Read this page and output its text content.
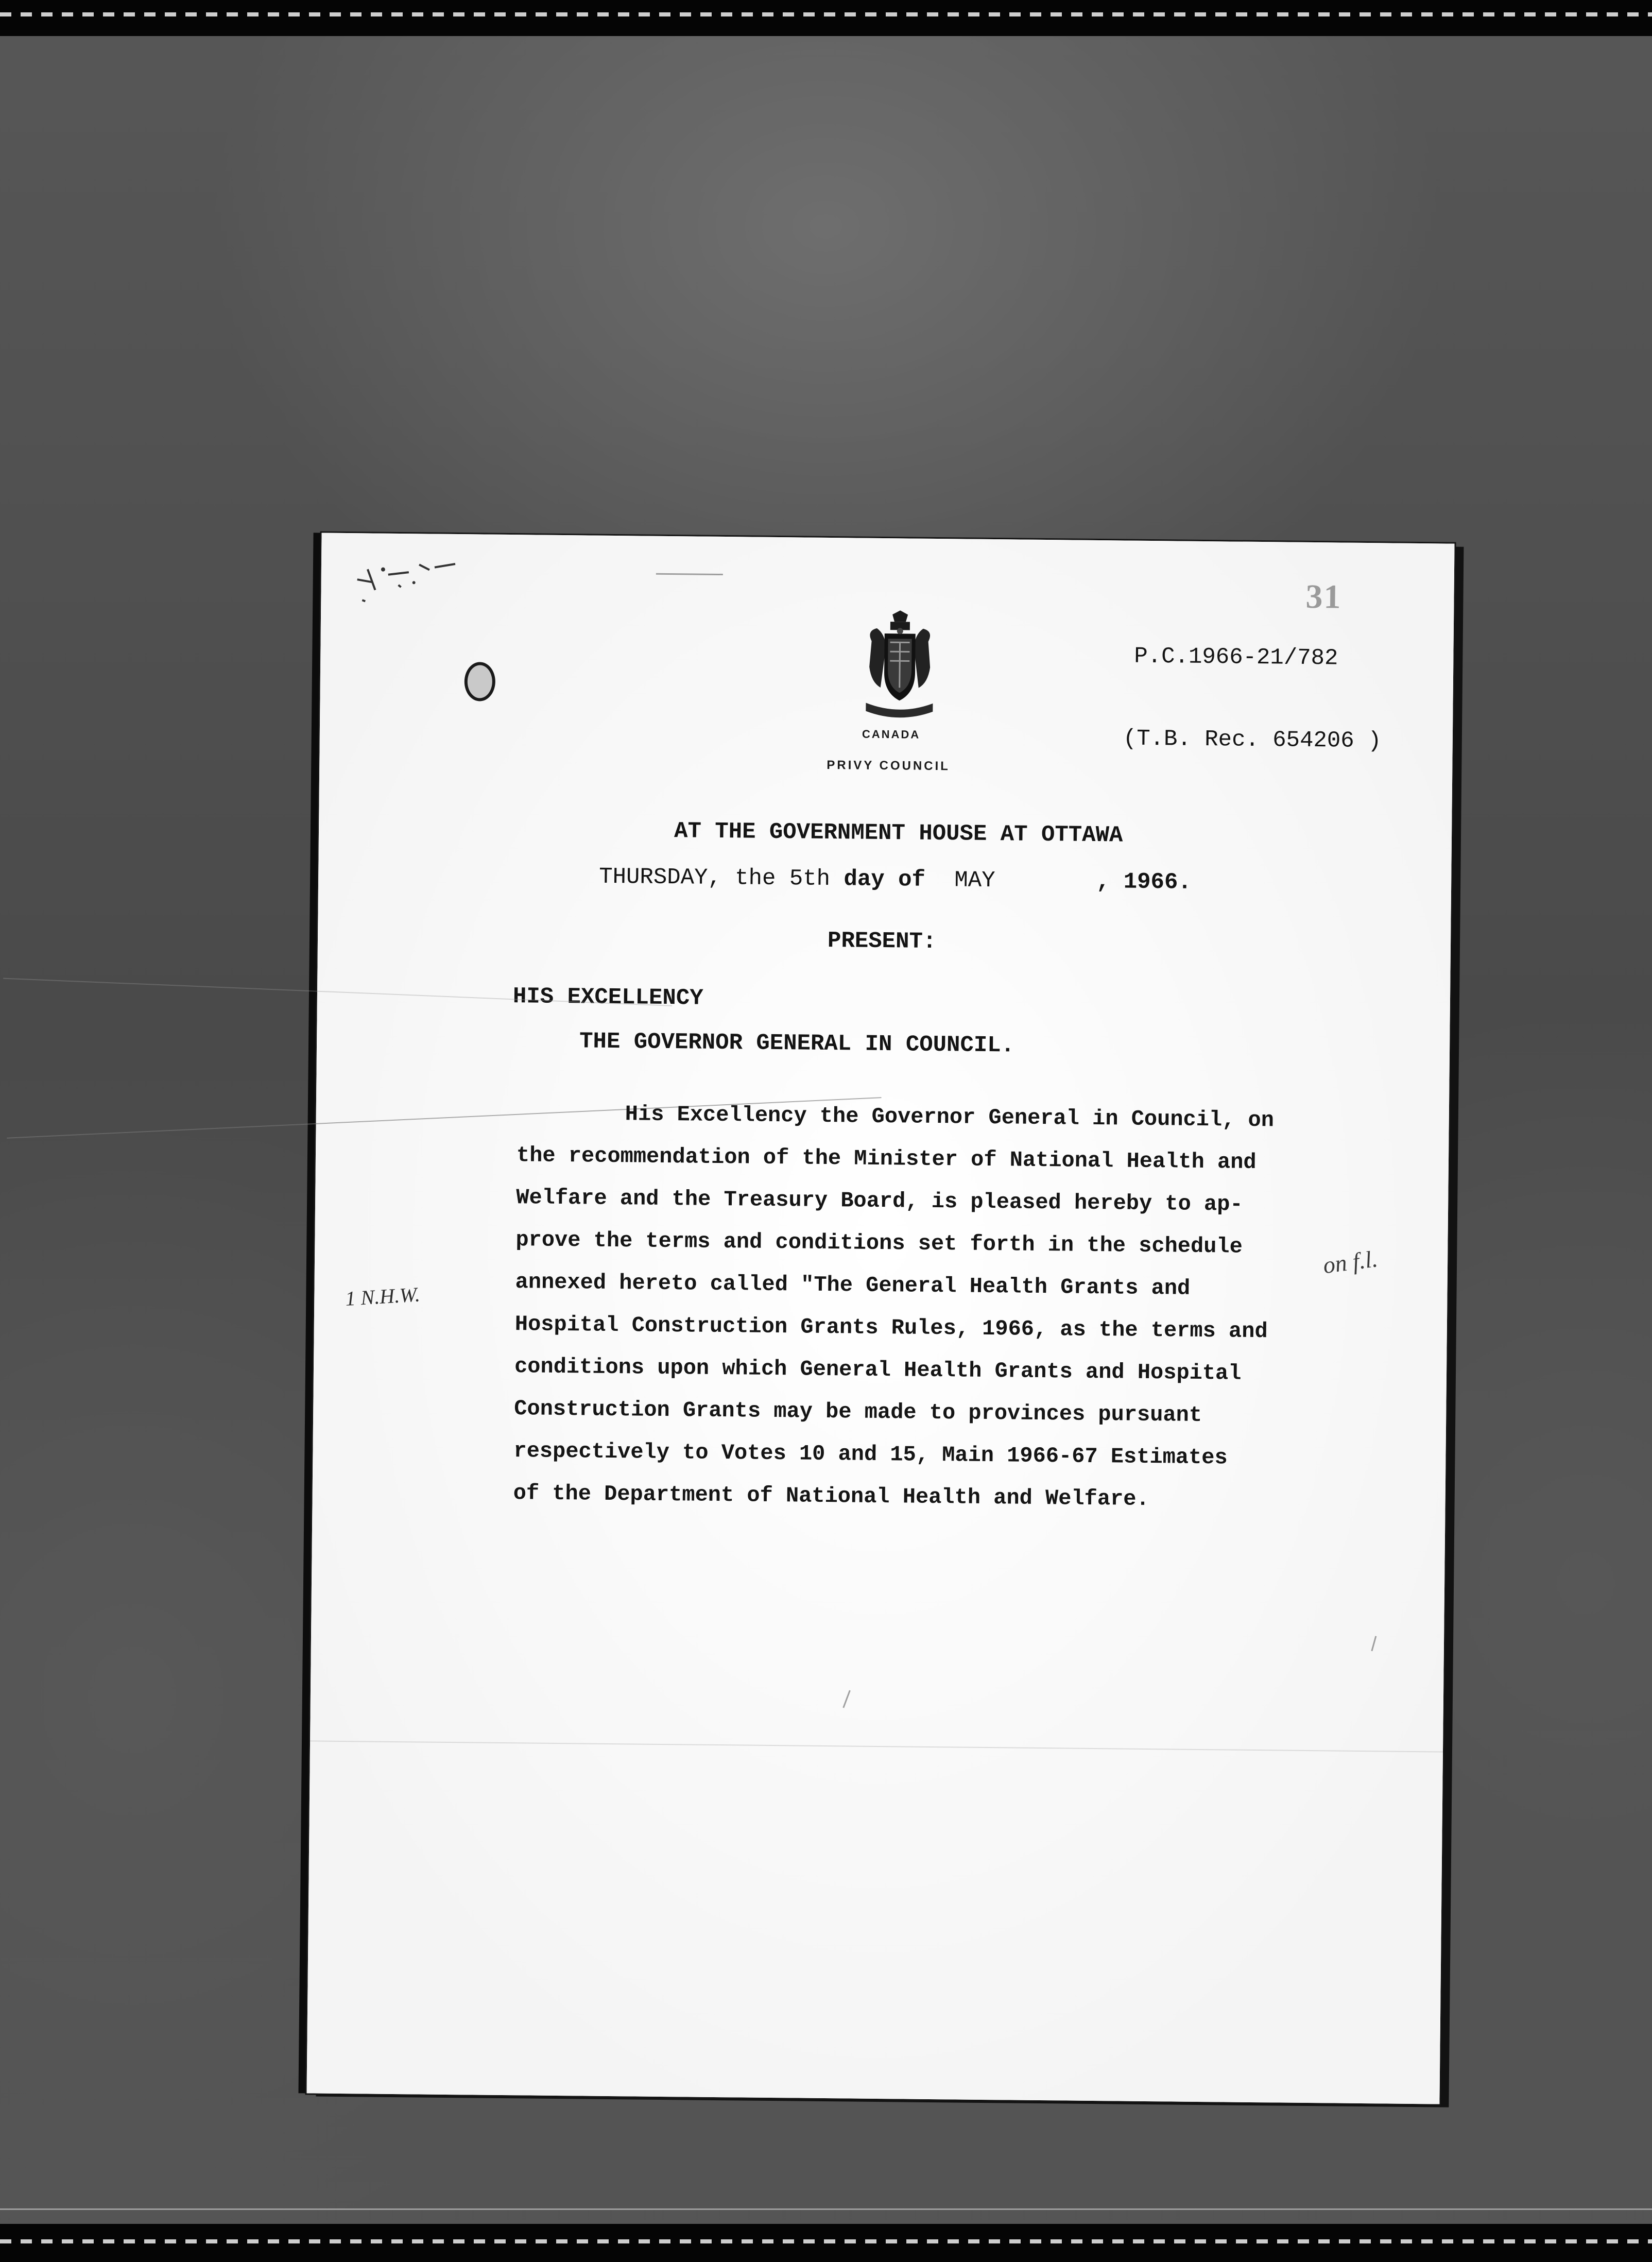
31
CANADA
PRIVY COUNCIL
P.C.1966-21/782
(T.B. Rec. 654206 )
AT THE GOVERNMENT HOUSE AT OTTAWA
THURSDAY, the 5th day of MAY	, 1966.
PRESENT:
HIS EXCELLENCY
THE GOVERNOR GENERAL IN COUNCIL.
His Excellency the Governor General in Council, on
the recommendation of the Minister of National Health and
Welfare and the Treasury Board, is pleased hereby to ap-
prove the terms and conditions set forth in the schedule
annexed hereto called "The General Health Grants and
Hospital Construction Grants Rules, 1966, as the terms and
conditions upon which General Health Grants and Hospital
Construction Grants may be made to provinces pursuant
respectively to Votes 10 and 15, Main 1966-67 Estimates
of the Department of National Health and Welfare.
1 N.H.W.
on f.l.
